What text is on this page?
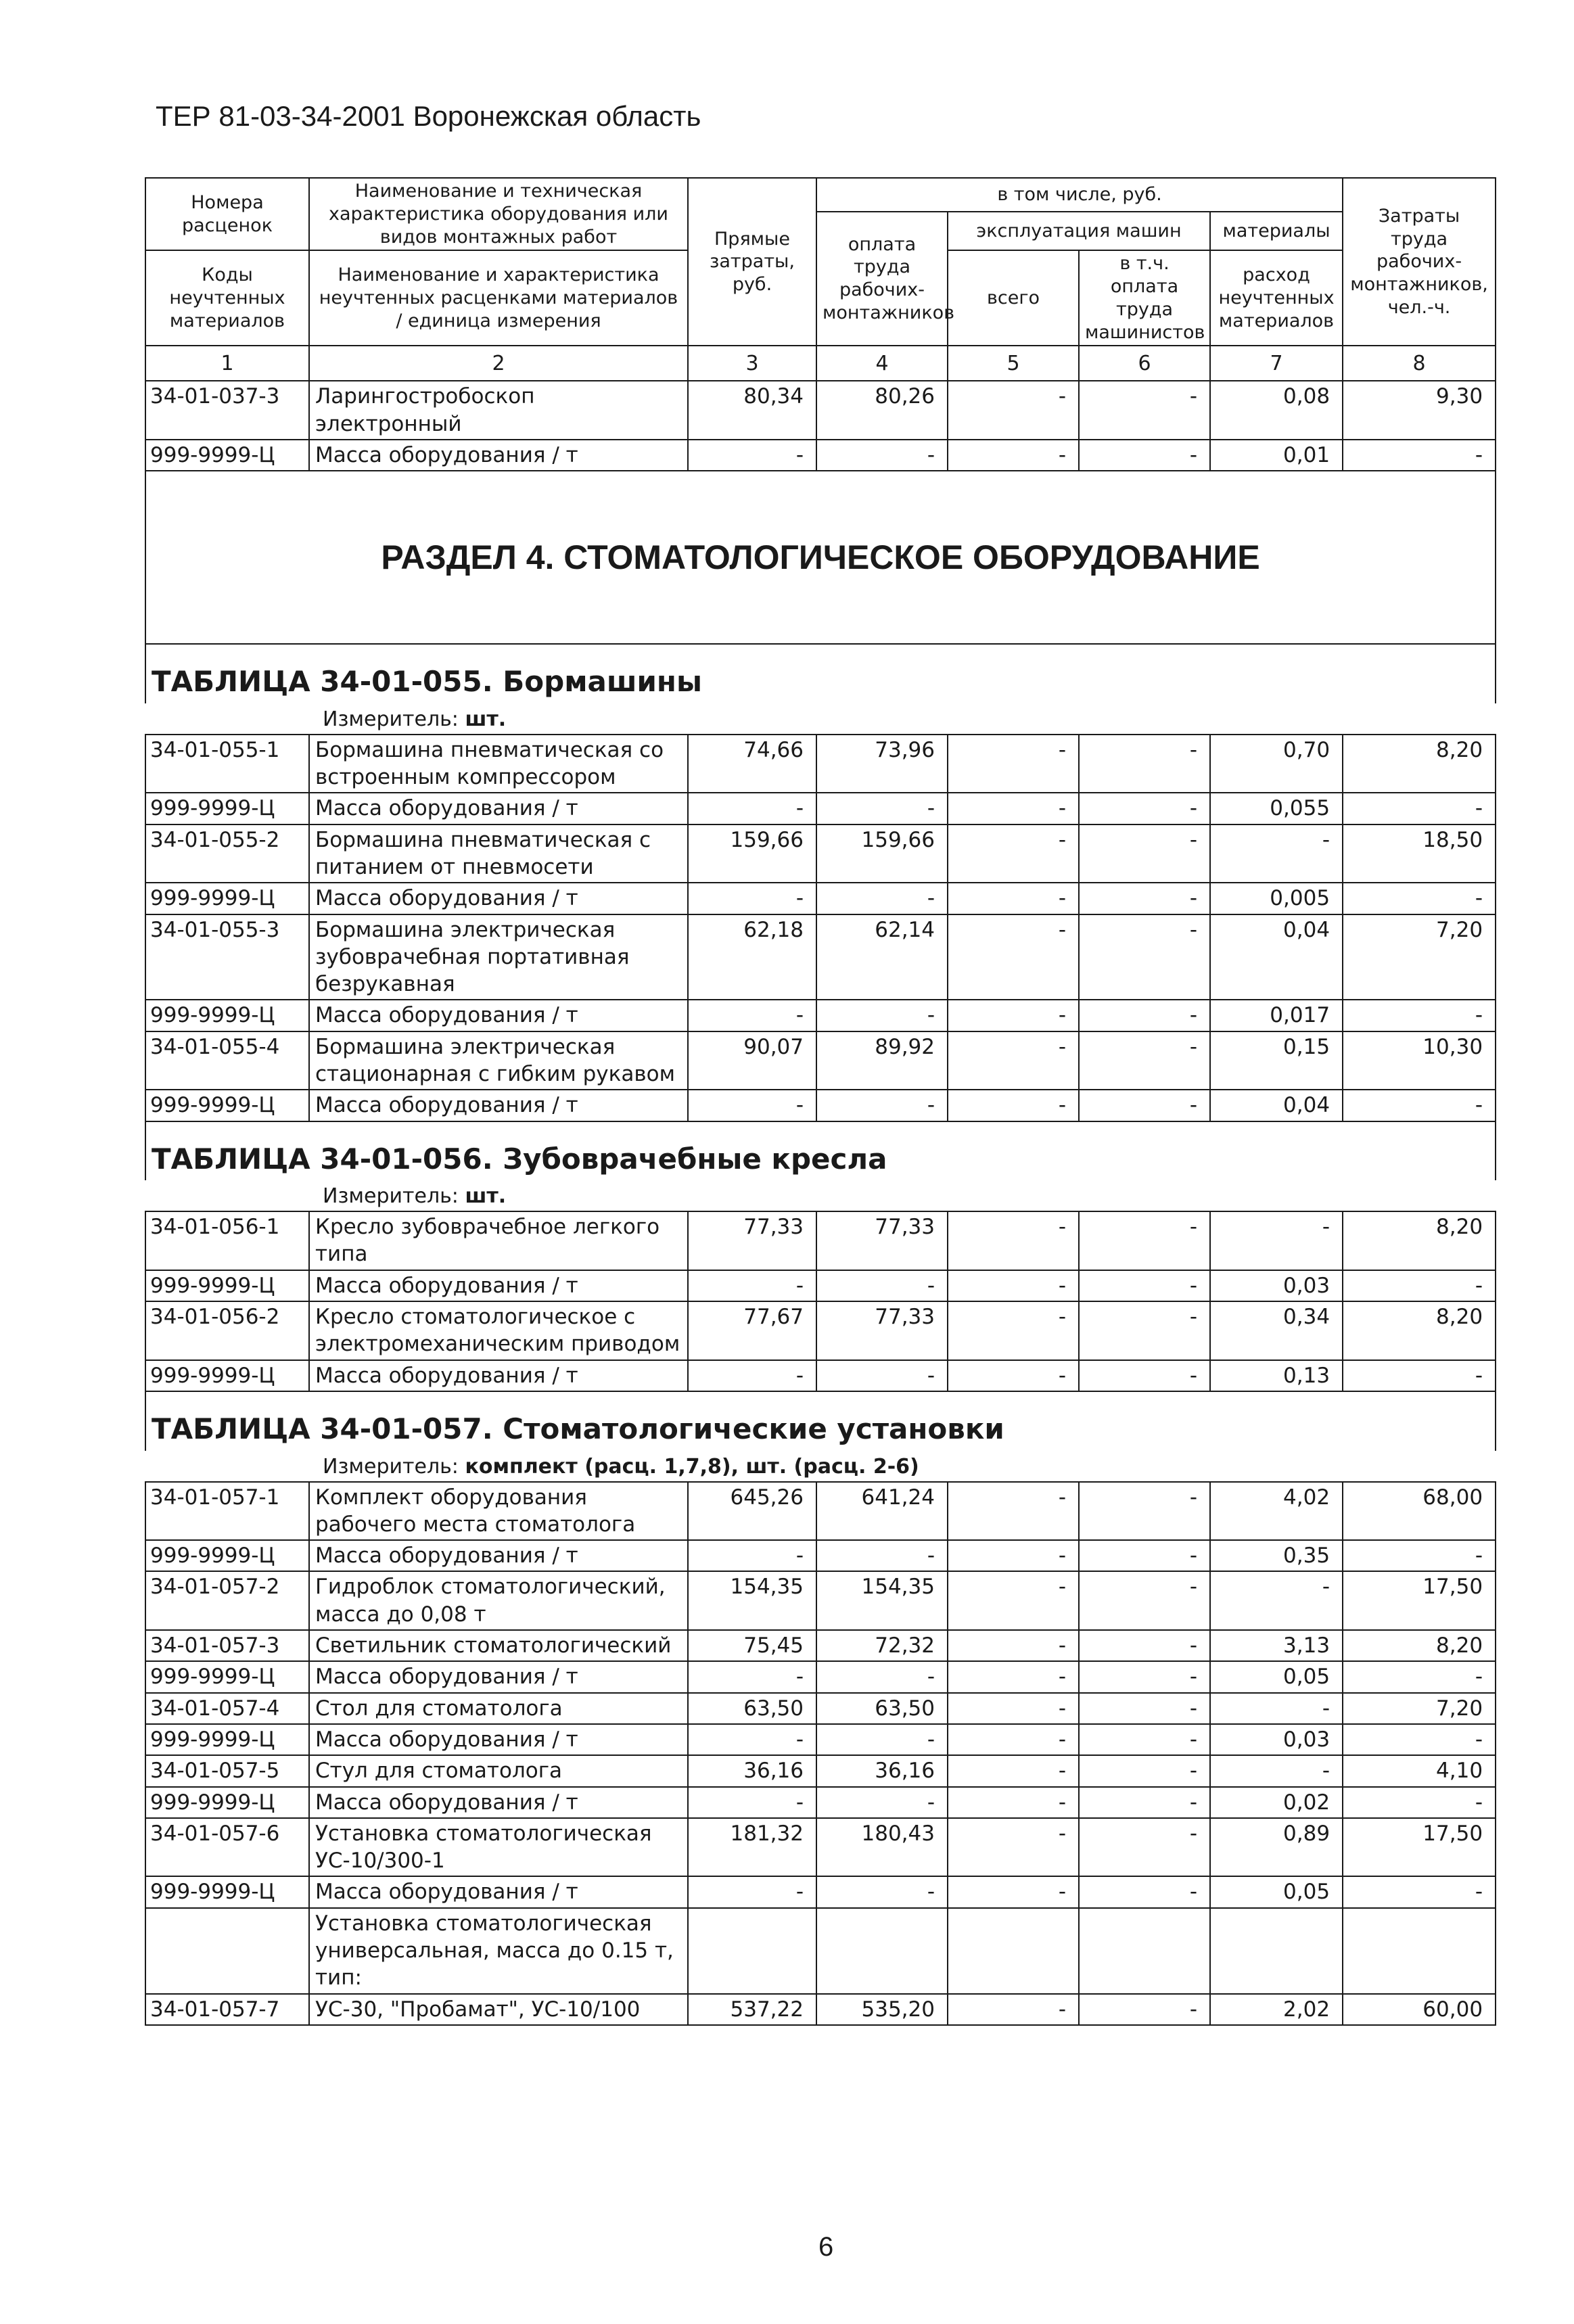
ТЕР 81-03-34-2001 Воронежская область
Номера расценок	Наименование и техническая характеристика оборудования или видов монтажных работ	Прямые затраты, руб.	в том числе, руб.				Затраты труда рабочих-монтажников, чел.-ч.
			оплата труда рабочих-монтажников	эксплуатация машин		материалы	
Коды неучтенных материалов	Наименование и характеристика неучтенных расценками материалов / единица измерения			всего	в т.ч. оплата труда машинистов	расход неучтенных материалов	
1	2	3	4	5	6	7	8
34-01-037-3	Ларингостробоскоп электронный	80,34	80,26	-	-	0,08	9,30
999-9999-Ц	Масса оборудования / т	-	-	-	-	0,01	-
РАЗДЕЛ 4. СТОМАТОЛОГИЧЕСКОЕ ОБОРУДОВАНИЕ							
ТАБЛИЦА 34-01-055. Бормашины							
Измеритель: шт.							
34-01-055-1	Бормашина пневматическая со встроенным компрессором	74,66	73,96	-	-	0,70	8,20
999-9999-Ц	Масса оборудования / т	-	-	-	-	0,055	-
34-01-055-2	Бормашина пневматическая с питанием от пневмосети	159,66	159,66	-	-	-	18,50
999-9999-Ц	Масса оборудования / т	-	-	-	-	0,005	-
34-01-055-3	Бормашина электрическая зубоврачебная портативная безрукавная	62,18	62,14	-	-	0,04	7,20
999-9999-Ц	Масса оборудования / т	-	-	-	-	0,017	-
34-01-055-4	Бормашина электрическая стационарная с гибким рукавом	90,07	89,92	-	-	0,15	10,30
999-9999-Ц	Масса оборудования / т	-	-	-	-	0,04	-
ТАБЛИЦА 34-01-056. Зубоврачебные кресла							
Измеритель: шт.							
34-01-056-1	Кресло зубоврачебное легкого типа	77,33	77,33	-	-	-	8,20
999-9999-Ц	Масса оборудования / т	-	-	-	-	0,03	-
34-01-056-2	Кресло стоматологическое с электромеханическим приводом	77,67	77,33	-	-	0,34	8,20
999-9999-Ц	Масса оборудования / т	-	-	-	-	0,13	-
ТАБЛИЦА 34-01-057. Стоматологические установки							
Измеритель: комплект (расц. 1,7,8), шт. (расц. 2-6)							
34-01-057-1	Комплект оборудования рабочего места стоматолога	645,26	641,24	-	-	4,02	68,00
999-9999-Ц	Масса оборудования / т	-	-	-	-	0,35	-
34-01-057-2	Гидроблок стоматологический, масса до 0,08 т	154,35	154,35	-	-	-	17,50
34-01-057-3	Светильник стоматологический	75,45	72,32	-	-	3,13	8,20
999-9999-Ц	Масса оборудования / т	-	-	-	-	0,05	-
34-01-057-4	Стол для стоматолога	63,50	63,50	-	-	-	7,20
999-9999-Ц	Масса оборудования / т	-	-	-	-	0,03	-
34-01-057-5	Стул для стоматолога	36,16	36,16	-	-	-	4,10
999-9999-Ц	Масса оборудования / т	-	-	-	-	0,02	-
34-01-057-6	Установка стоматологическая УС-10/300-1	181,32	180,43	-	-	0,89	17,50
999-9999-Ц	Масса оборудования / т	-	-	-	-	0,05	-
	Установка стоматологическая универсальная, масса до 0.15 т, тип:						
34-01-057-7	УС-30, "Пробамат", УС-10/100	537,22	535,20	-	-	2,02	60,00
6
